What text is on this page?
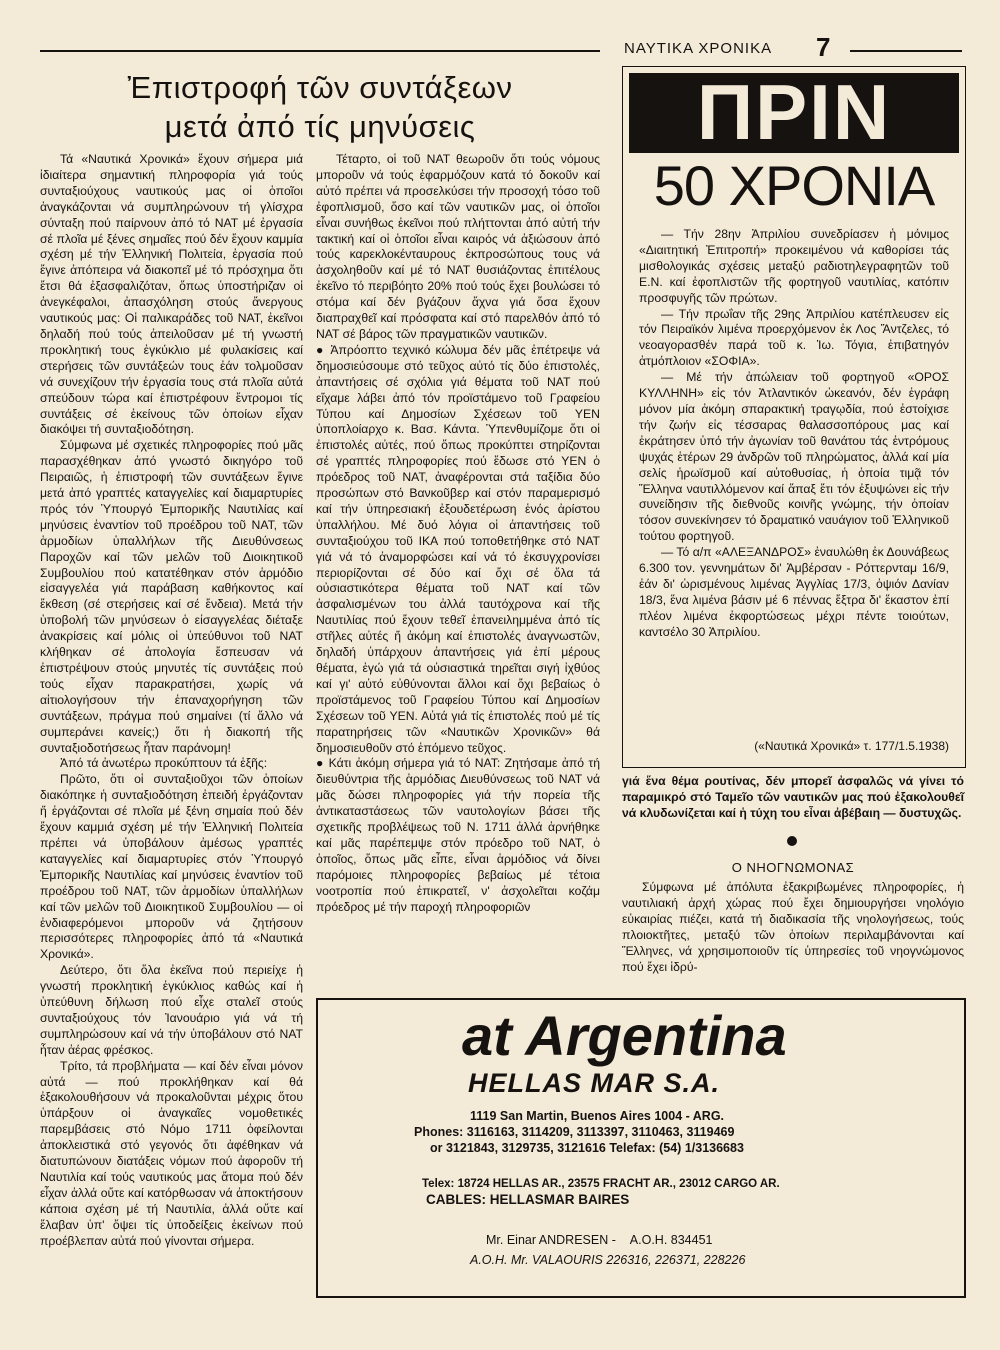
ΝΑΥΤΙΚΑ ΧΡΟΝΙΚΑ 7
Ἐπιστροφή τῶν συντάξεων
μετά ἀπό τίς μηνύσεις

Τά «Ναυτικά Χρονικά» ἔχουν σήμερα μιά ἰδιαίτερα σημαντική πληροφορία γιά τούς συνταξιούχους ναυτικούς μας οἱ ὁποῖοι ἀναγκάζονται νά συμπληρώνουν τή γλίσχρα σύνταξη πού παίρνουν ἀπό τό ΝΑΤ μέ ἐργασία σέ πλοῖα μέ ξένες σημαῖες πού δέν ἔχουν καμμία σχέση μέ τήν Ἑλληνική Πολιτεία, ἐργασία πού ἔγινε ἀπόπειρα νά διακοπεῖ μέ τό πρόσχημα ὅτι ἔτσι θά ἐξασφαλιζόταν, ὅπως ὑποστήριζαν οἱ ἀνεγκέφαλοι, ἀπασχόληση στούς ἄνεργους ναυτικούς μας: Οἱ παλικαράδες τοῦ ΝΑΤ, ἐκεῖνοι δηλαδή πού τούς ἀπειλοῦσαν μέ τή γνωστή προκλητική τους ἐγκύκλιο μέ φυλακίσεις καί στερήσεις τῶν συντάξεών τους ἐάν τολμοῦσαν νά συνεχίζουν τήν ἐργασία τους στά πλοῖα αὐτά σπεύδουν τώρα καί ἐπιστρέφουν ἔντρομοι τίς συντάξεις σέ ἐκείνους τῶν ὁποίων εἶχαν διακόψει τή συνταξιοδότηση.

Σύμφωνα μέ σχετικές πληροφορίες πού μᾶς παρασχέθηκαν ἀπό γνωστό δικηγόρο τοῦ Πειραιῶς, ἡ ἐπιστροφή τῶν συντάξεων ἔγινε μετά ἀπό γραπτές καταγγελίες καί διαμαρτυρίες πρός τόν Ὑπουργό Ἐμπορικῆς Ναυτιλίας καί μηνύσεις ἐναντίον τοῦ προέδρου τοῦ ΝΑΤ, τῶν ἁρμοδίων ὑπαλλήλων τῆς Διευθύνσεως Παροχῶν καί τῶν μελῶν τοῦ Διοικητικοῦ Συμβουλίου πού κατατέθηκαν στόν ἁρμόδιο εἰσαγγελέα γιά παράβαση καθήκοντος καί ἔκθεση (σέ στερήσεις καί σέ ἔνδεια). Μετά τήν ὑποβολή τῶν μηνύσεων ὁ εἰσαγγελέας διέταξε ἀνακρίσεις καί μόλις οἱ ὑπεύθυνοι τοῦ ΝΑΤ κλήθηκαν σέ ἀπολογία ἔσπευσαν νά ἐπιστρέψουν στούς μηνυτές τίς συντάξεις πού τούς εἶχαν παρακρατήσει, χωρίς νά αἰτιολογήσουν τήν ἐπαναχορήγηση τῶν συντάξεων, πράγμα πού σημαίνει (τί ἄλλο νά συμπεράνει κανείς;) ὅτι ἡ διακοπή τῆς συνταξιοδοτήσεως ἦταν παράνομη!

Ἀπό τά ἀνωτέρω προκύπτουν τά ἑξῆς:

Πρῶτο, ὅτι οἱ συνταξιοῦχοι τῶν ὁποίων διακόπηκε ἡ συνταξιοδότηση ἐπειδή ἐργάζονταν ἤ ἐργάζονται σέ πλοῖα μέ ξένη σημαία πού δέν ἔχουν καμμιά σχέση μέ τήν Ἑλληνική Πολιτεία πρέπει νά ὑποβάλουν ἀμέσως γραπτές καταγγελίες καί διαμαρτυρίες στόν Ὑπουργό Ἐμπορικῆς Ναυτιλίας καί μηνύσεις ἐναντίον τοῦ προέδρου τοῦ ΝΑΤ, τῶν ἁρμοδίων ὑπαλλήλων καί τῶν μελῶν τοῦ Διοικητικοῦ Συμβουλίου — οἱ ἐνδιαφερόμενοι μποροῦν νά ζητήσουν περισσότερες πληροφορίες ἀπό τά «Ναυτικά Χρονικά».

Δεύτερο, ὅτι ὅλα ἐκεῖνα πού περιείχε ἡ γνωστή προκλητική ἐγκύκλιος καθώς καί ἡ ὑπεύθυνη δήλωση πού εἶχε σταλεῖ στούς συνταξιούχους τόν Ἰανουάριο γιά νά τή συμπληρώσουν καί νά τήν ὑποβάλουν στό ΝΑΤ ἦταν ἀέρας φρέσκος.

Τρίτο, τά προβλήματα — καί δέν εἶναι μόνον αὐτά — πού προκλήθηκαν καί θά ἐξακολουθήσουν νά προκαλοῦνται μέχρις ὅτου ὑπάρξουν οἱ ἀναγκαῖες νομοθετικές παρεμβάσεις στό Νόμο 1711 ὀφείλονται ἀποκλειστικά στό γεγονός ὅτι ἀφέθηκαν νά διατυπώνουν διατάξεις νόμων πού ἀφοροῦν τή Ναυτιλία καί τούς ναυτικούς μας ἄτομα πού δέν εἶχαν ἀλλά οὔτε καί κατόρθωσαν νά ἀποκτήσουν κάποια σχέση μέ τή Ναυτιλία, ἀλλά οὔτε καί ἔλαβαν ὑπ' ὄψει τίς ὑποδείξεις ἐκείνων πού προέβλεπαν αὐτά πού γίνονται σήμερα.

Τέταρτο, οἱ τοῦ ΝΑΤ θεωροῦν ὅτι τούς νόμους μποροῦν νά τούς ἐφαρμόζουν κατά τό δοκοῦν καί αὐτό πρέπει νά προσελκύσει τήν προσοχή τόσο τοῦ ἐφοπλισμοῦ, ὅσο καί τῶν ναυτικῶν μας, οἱ ὁποῖοι εἶναι συνήθως ἐκεῖνοι πού πλήττονται ἀπό αὐτή τήν τακτική καί οἱ ὁποῖοι εἶναι καιρός νά ἀξιώσουν ἀπό τούς καρεκλοκένταυρους ἐκπροσώπους τους νά ἀσχοληθοῦν καί μέ τό ΝΑΤ θυσιάζοντας ἐπιτέλους ἐκεῖνο τό περιβόητο 20% πού τούς ἔχει βουλώσει τό στόμα καί δέν βγάζουν ἄχνα γιά ὅσα ἔχουν διαπραχθεῖ καί πρόσφατα καί στό παρελθόν ἀπό τό ΝΑΤ σέ βάρος τῶν πραγματικῶν ναυτικῶν.

● Ἀπρόοπτο τεχνικό κώλυμα δέν μᾶς ἐπέτρεψε νά δημοσιεύσουμε στό τεῦχος αὐτό τίς δύο ἐπιστολές, ἀπαντήσεις σέ σχόλια γιά θέματα τοῦ ΝΑΤ πού εἴχαμε λάβει ἀπό τόν προϊστάμενο τοῦ Γραφείου Τύπου καί Δημοσίων Σχέσεων τοῦ ΥΕΝ ὑποπλοίαρχο κ. Βασ. Κάντα. Ὑπενθυμίζομε ὅτι οἱ ἐπιστολές αὐτές, πού ὅπως προκύπτει στηρίζονται σέ γραπτές πληροφορίες πού ἔδωσε στό ΥΕΝ ὁ πρόεδρος τοῦ ΝΑΤ, ἀναφέρονται στά ταξίδια δύο προσώπων στό Βανκοῦβερ καί στόν παραμερισμό καί τήν ὑπηρεσιακή ἐξουδετέρωση ἑνός ἀρίστου ὑπαλλήλου. Μέ δυό λόγια οἱ ἀπαντήσεις τοῦ συνταξιούχου τοῦ ΙΚΑ πού τοποθετήθηκε στό ΝΑΤ γιά νά τό ἀναμορφώσει καί νά τό ἐκσυγχρονίσει περιορίζονται σέ δύο καί ὄχι σέ ὅλα τά οὐσιαστικότερα θέματα τοῦ ΝΑΤ καί τῶν ἀσφαλισμένων του ἀλλά ταυτόχρονα καί τῆς Ναυτιλίας πού ἔχουν τεθεῖ ἐπανειλημμένα ἀπό τίς στῆλες αὐτές ἤ ἀκόμη καί ἐπιστολές ἀναγνωστῶν, δηλαδή ὑπάρχουν ἀπαντήσεις γιά ἐπί μέρους θέματα, ἐγώ γιά τά οὐσιαστικά τηρεῖται σιγή ἰχθύος καί γι' αὐτό εὐθύνονται ἄλλοι καί ὄχι βεβαίως ὁ προϊστάμενος τοῦ Γραφείου Τύπου καί Δημοσίων Σχέσεων τοῦ ΥΕΝ. Αὐτά γιά τίς ἐπιστολές πού μέ τίς παρατηρήσεις τῶν «Ναυτικῶν Χρονικῶν» θά δημοσιευθοῦν στό ἑπόμενο τεῦχος.

● Κάτι ἀκόμη σήμερα γιά τό ΝΑΤ: Ζητήσαμε ἀπό τή διευθύντρια τῆς ἁρμόδιας Διευθύνσεως τοῦ ΝΑΤ νά μᾶς δώσει πληροφορίες γιά τήν πορεία τῆς ἀντικαταστάσεως τῶν ναυτολογίων βάσει τῆς σχετικῆς προβλέψεως τοῦ Ν. 1711 ἀλλά ἀρνήθηκε καί μᾶς παρέπεμψε στόν πρόεδρο τοῦ ΝΑΤ, ὁ ὁποῖος, ὅπως μᾶς εἶπε, εἶναι ἁρμόδιος νά δίνει παρόμοιες πληροφορίες βεβαίως μέ τέτοια νοοτροπία πού ἐπικρατεῖ, ν' ἀσχολεῖται κοζάμ πρόεδρος μέ τήν παροχή πληροφοριῶν

ΠΡΙΝ
50 ΧΡΟΝΙΑ

— Τήν 28ην Ἀπριλίου συνεδρίασεν ἡ μόνιμος «Διαιτητική Ἐπιτροπή» προκειμένου νά καθορίσει τάς μισθολογικάς σχέσεις μεταξύ ραδιοτηλεγραφητῶν τοῦ Ε.Ν. καί ἐφοπλιστῶν τῆς φορτηγοῦ ναυτιλίας, κατόπιν προσφυγῆς τῶν πρώτων.

— Τήν πρωΐαν τῆς 29ης Ἀπριλίου κατέπλευσεν εἰς τόν Πειραϊκόν λιμένα προερχόμενον ἐκ Λος Ἄντζελες, τό νεοαγορασθέν παρά τοῦ κ. Ἰω. Τόγια, ἐπιβατηγόν ἀτμόπλοιον «ΣΟΦΙΑ».

— Μέ τήν ἀπώλειαν τοῦ φορτηγοῦ «ΟΡΟΣ ΚΥΛΛΗΝΗ» εἰς τόν Ἀτλαντικόν ὠκεανόν, δέν ἐγράφη μόνον μία ἀκόμη σπαρακτική τραγῳδία, πού ἐστοίχισε τήν ζωήν εἰς τέσσαρας θαλασσοπόρους μας καί ἐκράτησεν ὑπό τήν ἀγωνίαν τοῦ θανάτου τάς ἐντρόμους ψυχάς ἑτέρων 29 ἀνδρῶν τοῦ πληρώματος, ἀλλά καί μία σελίς ἡρωϊσμοῦ καί αὐτοθυσίας, ἡ ὁποία τιμᾷ τόν Ἕλληνα ναυτιλλόμενον καί ἅπαξ ἔτι τόν ἐξυψώνει εἰς τήν συνείδησιν τῆς διεθνοῦς κοινῆς γνώμης, τήν ὁποίαν τόσον συνεκίνησεν τό δραματικό ναυάγιον τοῦ Ἑλληνικοῦ τούτου φορτηγοῦ.

— Τό α/π «ΑΛΕΞΑΝΔΡΟΣ» ἐναυλώθη ἐκ Δουνάβεως 6.300 τον. γεννημάτων δι' Ἀμβέρσαν - Ρόττερνταμ 16/9, ἐάν δι' ὡρισμένους λιμένας Ἀγγλίας 17/3, ὀψιόν Δανίαν 18/3, ἕνα λιμένα βάσιν μέ 6 πέννας ἔξτρα δι' ἕκαστον ἐπί πλέον λιμένα ἐκφορτώσεως μέχρι πέντε τοιούτων, καντσέλο 30 Ἀπριλίου.

(«Ναυτικά Χρονικά» τ. 177/1.5.1938)

γιά ἕνα θέμα ρουτίνας, δέν μπορεῖ ἀσφαλῶς νά γίνει τό παραμικρό στό Ταμεῖο τῶν ναυτικῶν μας πού ἐξακολουθεῖ νά κλυδωνίζεται καί ἡ τύχη του εἶναι ἀβέβαιη — δυστυχῶς.

Ο ΝΗΟΓΝΩΜΟΝΑΣ

Σύμφωνα μέ ἀπόλυτα ἐξακριβωμένες πληροφορίες, ἡ ναυτιλιακή ἀρχή χώρας πού ἔχει δημιουργήσει νηολόγιο εὐκαιρίας πιέζει, κατά τή διαδικασία τῆς νηολογήσεως, τούς πλοιοκτῆτες, μεταξύ τῶν ὁποίων περιλαμβάνονται καί Ἕλληνες, νά χρησιμοποιοῦν τίς ὑπηρεσίες τοῦ νηογνώμονος πού ἔχει ἱδρύ-

at Argentina
HELLAS MAR S.A.
1119 San Martin, Buenos Aires 1004 - ARG.
Phones: 3116163, 3114209, 3113397, 3110463, 3119469
or 3121843, 3129735, 3121616 Telefax: (54) 1/3136683
Telex: 18724 HELLAS AR., 23575 FRACHT AR., 23012 CARGO AR.
CABLES: HELLASMAR BAIRES
Mr. Einar ANDRESEN -    Α.Ο.Η. 834451
Α.Ο.Η. Mr. VALAOURIS 226316, 226371, 228226
